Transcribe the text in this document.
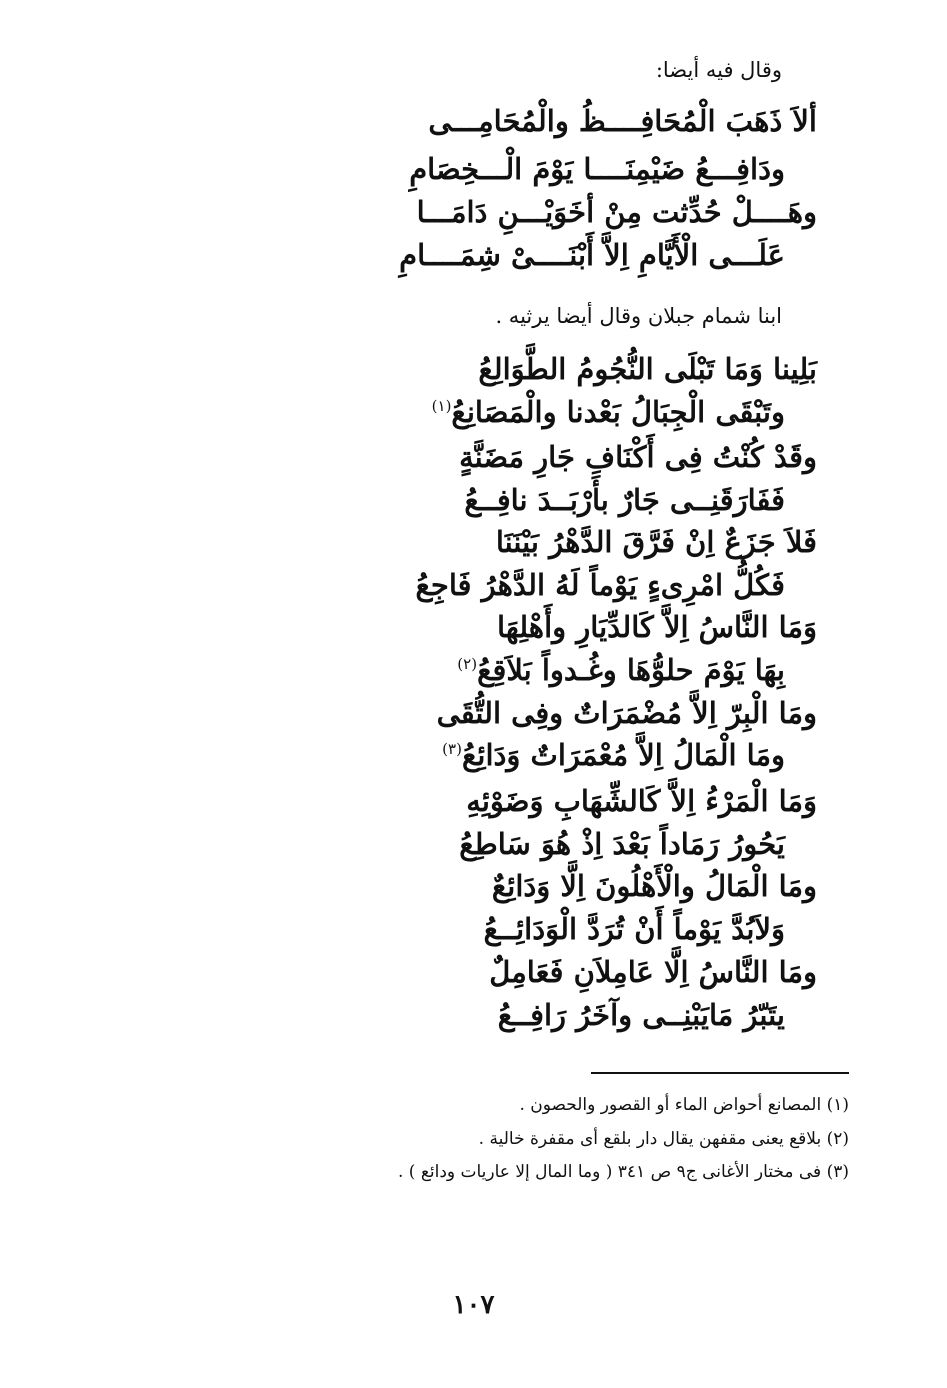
وقال فيه أيضا:
ألاَ ذَهَبَ الْمُحَافِــــظُ والْمُحَامِـــى
ودَافِـــعُ ضَيْمِنَــــا يَوْمَ الْـــخِصَامِ
وهَــــلْ حُدِّثت مِنْ أخَوَيْـــنِ دَامَـــا
عَلَـــى الْأَيَّامِ اِلاَّ أَبْنَــــىْ شِمَــــامِ
ابنا شمام جبلان وقال أيضا يرثيه .
بَلِينا وَمَا تَبْلَى النُّجُومُ الطَّوَالِعُ
وتَبْقَى الْجِبَالُ بَعْدنا والْمَصَانِعُ$^{(١)}$
وقَدْ كُنْتُ فِى أَكْنَافِ جَارِ مَضَنَّةٍ
فَفَارَقَنِــى جَارٌ بأَرْبَــدَ نافِــعُ
فَلاَ جَزَعٌ اِنْ فَرَّقَ الدَّهْرُ بَيْنَنَا
فَكُلُّ امْرِىءٍ يَوْماً لَهُ الدَّهْرُ فَاجِعُ
وَمَا النَّاسُ اِلاَّ كَالدِّيَارِ وأَهْلِهَا
بِهَا يَوْمَ حلوُّهَا وغُـدواً بَلاَقِعُ$^{(٢)}$
ومَا الْبِرّ اِلاَّ مُضْمَرَاتٌ وفِى التُّقَى
ومَا الْمَالُ اِلاَّ مُعْمَرَاتٌ وَدَائِعُ$^{(٣)}$
وَمَا الْمَرْءُ اِلاَّ كَالشِّهَابِ وَضَوْئِهِ
يَحُورُ رَمَاداً بَعْدَ اِذْ هُوَ سَاطِعُ
ومَا الْمَالُ والْأَهْلُونَ اِلَّا وَدَائِعٌ
وَلاَبُدَّ يَوْماً أَنْ تُرَدَّ الْوَدَائِــعُ
ومَا النَّاسُ اِلَّا عَامِلاَنِ فَعَامِلٌ
يتَبّرُ مَايَبْنِــى وآخَرُ رَافِــعُ
(١) المصانع أحواض الماء أو القصور والحصون .
(٢) بلاقع يعنى مقفهن يقال دار بلقع أى مقفرة خالية .
(٣) فى مختار الأغانى ج٩ ص ٣٤١ ( وما المال إلا عاريات ودائع ) .
١٠٧
